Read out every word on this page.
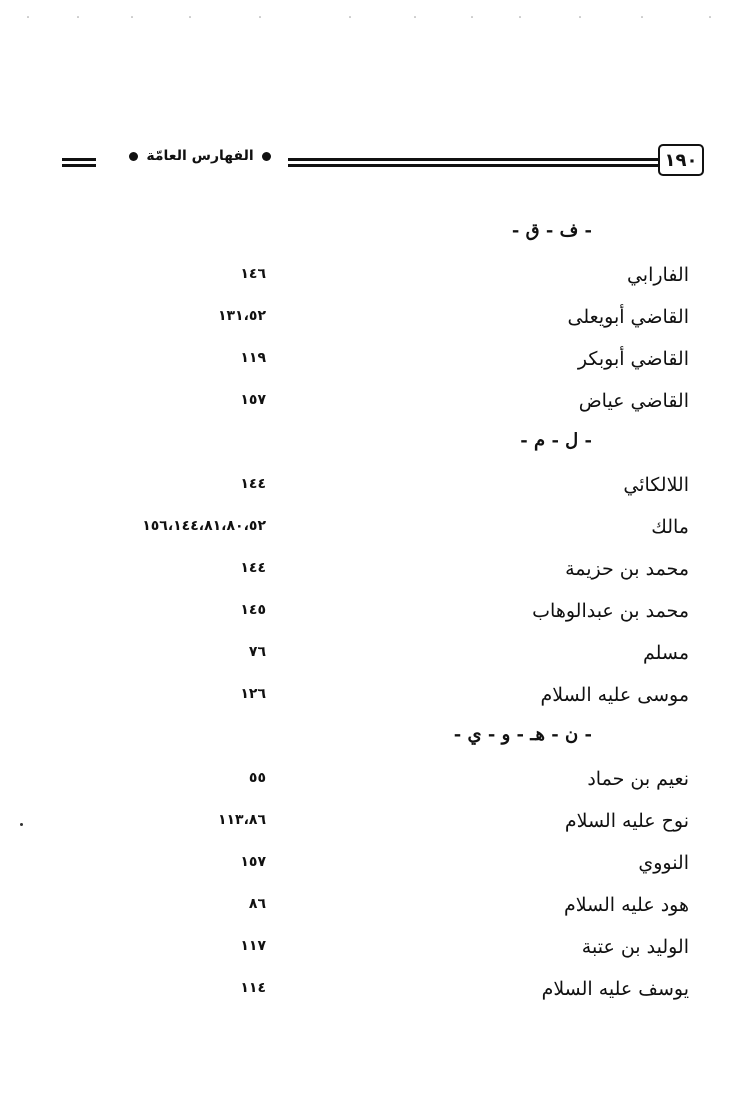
١٩٠
الفهارس العامّة
- ف - ق -
الفارابي
١٤٦
القاضي أبويعلى
١٣١،٥٢
القاضي أبوبكر
١١٩
القاضي عياض
١٥٧
- ل - م -
اللالكائي
١٤٤
مالك
١٥٦،١٤٤،٨١،٨٠،٥٢
محمد بن حزيمة
١٤٤
محمد بن عبدالوهاب
١٤٥
مسلم
٧٦
موسى عليه السلام
١٢٦
- ن - هـ - و - ي -
نعيم بن حماد
٥٥
نوح عليه السلام
١١٣،٨٦
النووي
١٥٧
هود عليه السلام
٨٦
الوليد بن عتبة
١١٧
يوسف عليه السلام
١١٤
